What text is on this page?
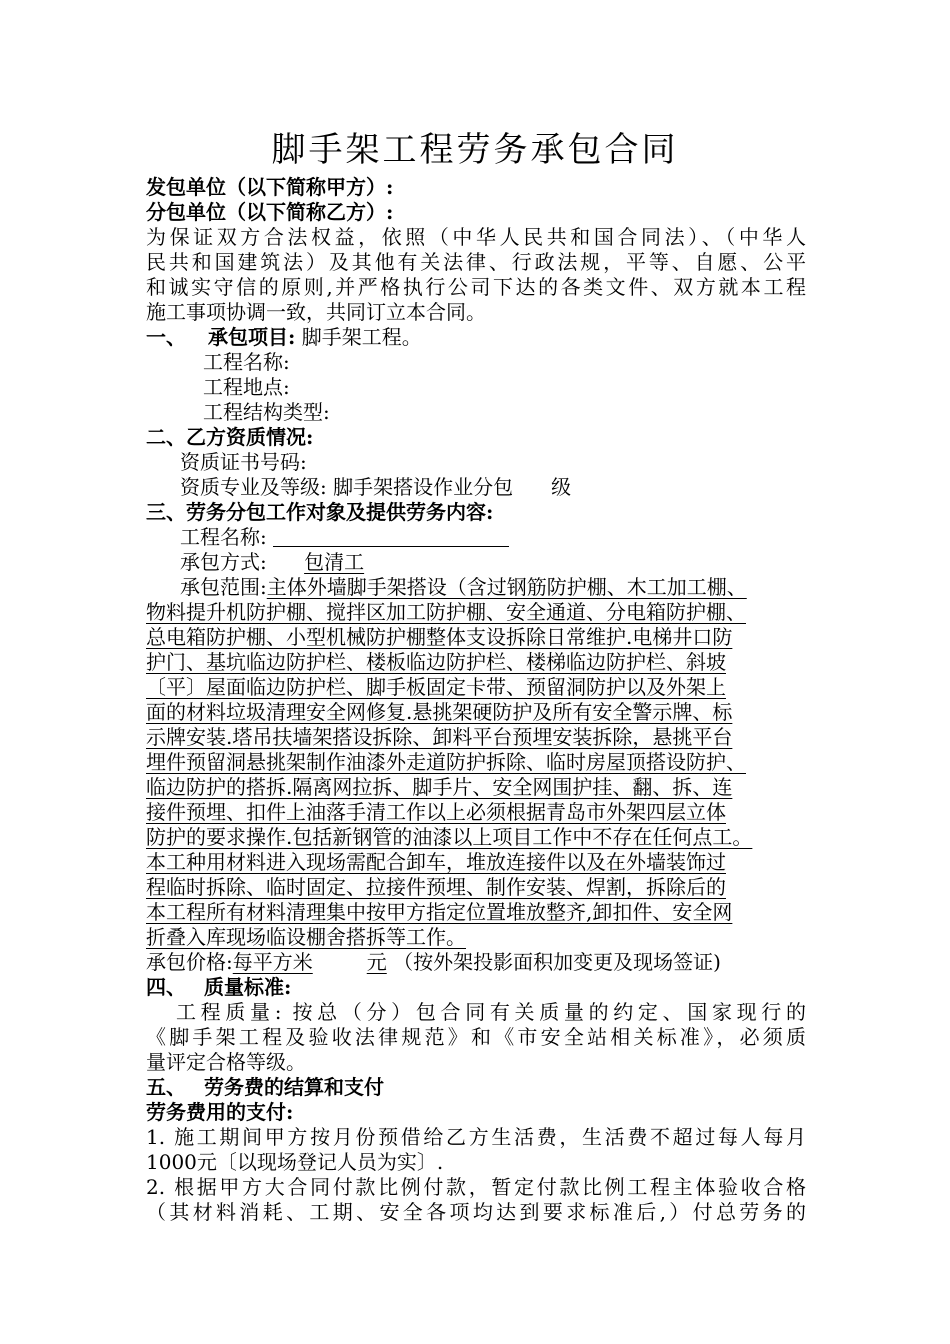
脚手架工程劳务承包合同
发包单位（以下简称甲方）:
分包单位（以下简称乙方）:
为保证双方合法权益，依照（中华人民共和国合同法）、（中华人
民共和国建筑法）及其他有关法律、行政法规，平等、自愿、公平
和诚实守信的原则,并严格执行公司下达的各类文件、双方就本工程
施工事项协调一致，共同订立本合同。
一、 承包项目: 脚手架工程。
工程名称:
工程地点:
工程结构类型:
二、乙方资质情况:
资质证书号码:
资质专业及等级: 脚手架搭设作业分包 级
三、劳务分包工作对象及提供劳务内容:
工程名称:
承包方式: 包清工
承包范围:主体外墙脚手架搭设（含过钢筋防护棚、木工加工棚、
物料提升机防护棚、搅拌区加工防护棚、安全通道、分电箱防护棚、
总电箱防护棚、小型机械防护棚整体支设拆除日常维护.电梯井口防
护门、基坑临边防护栏、楼板临边防护栏、楼梯临边防护栏、斜坡
〔平〕屋面临边防护栏、脚手板固定卡带、预留洞防护以及外架上
面的材料垃圾清理安全网修复.悬挑架硬防护及所有安全警示牌、标
示牌安装.塔吊扶墙架搭设拆除、卸料平台预埋安装拆除，悬挑平台
埋件预留洞悬挑架制作油漆外走道防护拆除、临时房屋顶搭设防护、
临边防护的搭拆.隔离网拉拆、脚手片、安全网围护挂、翻、拆、连
接件预埋、扣件上油落手清工作以上必须根据青岛市外架四层立体
防护的要求操作.包括新钢管的油漆以上项目工作中不存在任何点工。
本工种用材料进入现场需配合卸车，堆放连接件以及在外墙装饰过
程临时拆除、临时固定、拉接件预埋、制作安装、焊割，拆除后的
本工程所有材料清理集中按甲方指定位置堆放整齐,卸扣件、安全网
折叠入库现场临设棚舍搭拆等工作。
承包价格:每平方米	元 （按外架投影面积加变更及现场签证)
四、 质量标准:
工程质量: 按总（分）包合同有关质量的约定、国家现行的
《脚手架工程及验收法律规范》和《市安全站相关标准》，必须质
量评定合格等级。
五、 劳务费的结算和支付
劳务费用的支付:
1. 施工期间甲方按月份预借给乙方生活费，生活费不超过每人每月
1000元〔以现场登记人员为实〕.
2. 根据甲方大合同付款比例付款，暂定付款比例工程主体验收合格
（其材料消耗、工期、安全各项均达到要求标准后,）付总劳务的
